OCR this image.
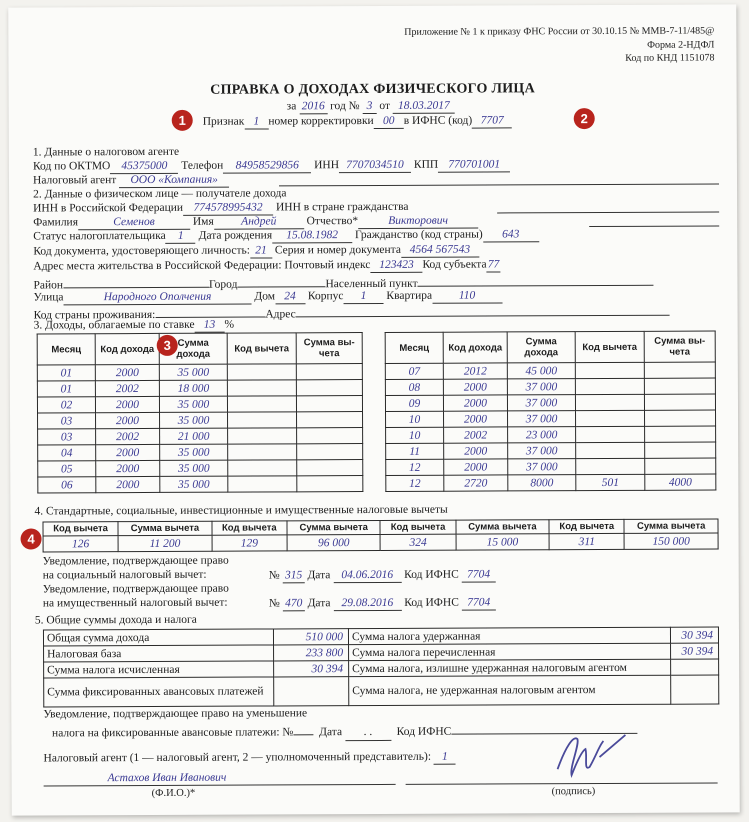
Приложение № 1 к приказу ФНС России от 30.10.15 № ММВ-7-11/485@
Форма 2-НДФЛ
Код по КНД 1151078
СПРАВКА О ДОХОДАХ ФИЗИЧЕСКОГО ЛИЦА
за 2016 год № 3 от 18.03.2017
1	2
Признак 1 номер корректировки 00 в ИФНС (код) 7707
1. Данные о налоговом агенте
Код по ОКТМО 45375000 Телефон 84958529856 ИНН 7707034510 КПП 770701001
Налоговый агент ООО «Компания»
2. Данные о физическом лице — получателе дохода
ИНН в Российской Федерации 774578995432 ИНН в стране гражданства
Фамилия	Семенов	Имя Андрей	Отчество*	Викторович
Статус налогоплательщика 1 Дата рождения 15.08.1982 Гражданство (код страны) 643
Код документа, удостоверяющего личность: 21 Серия и номер документа 4564 567543
Адрес места жительства в Российской Федерации: Почтовый индекс 123423 Код субъекта77
Район	Город	Населенный пункт
Улица	Народного Ополчения	Дом 24 Корпус 1 Квартира 110
Код страны проживания:	Адрес
3. Доходы, облагаемые по ставке 13 %
3
Месяц	Код дохода	Сумма дохода	Код вычета	Сумма вы-чета
01	2000	35 000		
01	2002	18 000		
02	2000	35 000		
03	2000	35 000		
03	2002	21 000		
04	2000	35 000		
05	2000	35 000		
06	2000	35 000		
Месяц	Код дохода	Сумма дохода	Код вычета	Сумма вы-чета
07	2012	45 000		
08	2000	37 000		
09	2000	37 000		
10	2000	37 000		
10	2002	23 000		
11	2000	37 000		
12	2000	37 000		
12	2720	8000	501	4000
4. Стандартные, социальные, инвестиционные и имущественные налоговые вычеты
4
Код вычета	Сумма вычета	Код вычета	Сумма вычета	Код вычета	Сумма вычета	Код вычета	Сумма вычета
126	11 200	129	96 000	324	15 000	311	150 000
Уведомление, подтверждающее право
на социальный налоговый вычет:	№ 315 Дата 04.06.2016 Код ИФНС 7704
Уведомление, подтверждающее право
на имущественный налоговый вычет:	№ 470 Дата 29.08.2016 Код ИФНС 7704
5. Общие суммы дохода и налога
Общая сумма дохода	510 000	Сумма налога удержанная	30 394
Налоговая база	233 800	Сумма налога перечисленная	30 394
Сумма налога исчисленная	30 394	Сумма налога, излишне удержанная налоговым агентом	
Сумма фиксированных авансовых платежей		Сумма налога, не удержанная налоговым агентом	
Уведомление, подтверждающее право на уменьшение
налога на фиксированные авансовые платежи: № Дата . . Код ИФНС
Налоговый агент (1 — налоговый агент, 2 — уполномоченный представитель): 1
Астахов Иван Иванович
(Ф.И.О.)*	(подпись)
